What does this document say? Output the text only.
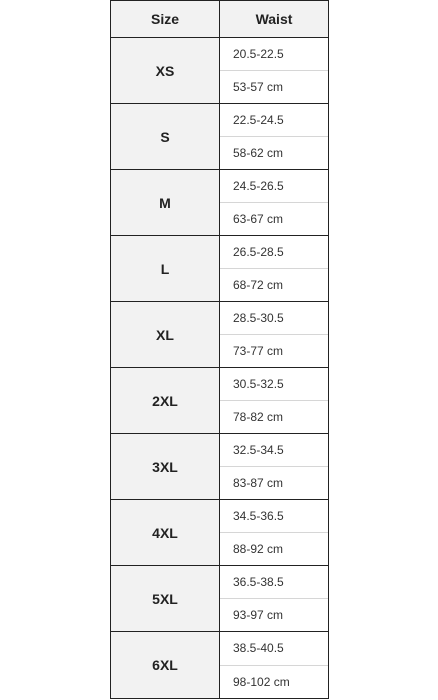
Size	Waist
XS
20.5-22.5
53-57 cm
S
22.5-24.5
58-62 cm
M
24.5-26.5
63-67 cm
L
26.5-28.5
68-72 cm
XL
28.5-30.5
73-77 cm
2XL
30.5-32.5
78-82 cm
3XL
32.5-34.5
83-87 cm
4XL
34.5-36.5
88-92 cm
5XL
36.5-38.5
93-97 cm
6XL
38.5-40.5
98-102 cm
